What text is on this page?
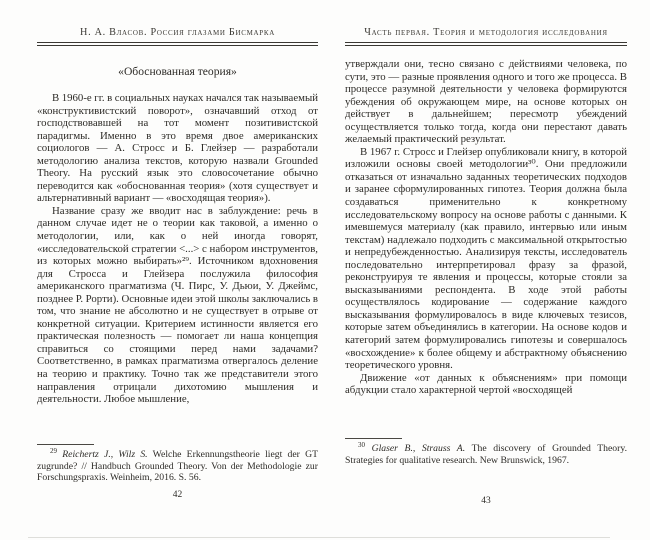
Н. А. Власов. Россия глазами Бисмарка
«Обоснованная теория»

В 1960-е гг. в социальных науках начался так называемый «конструктивистский поворот», означавший отход от господствовавшей на тот момент позитивистской парадигмы. Именно в это время двое американских социологов — А. Стросс и Б. Глейзер — разработали методологию анализа текстов, которую назвали Grounded Theory. На русский язык это словосочетание обычно переводится как «обоснованная теория» (хотя существует и альтернативный вариант — «восходящая теория»).

Название сразу же вводит нас в заблуждение: речь в данном случае идет не о теории как таковой, а именно о методологии, или, как о ней иногда говорят, «исследовательской стратегии <...> с набором инструментов, из которых можно выбирать»²⁹. Источником вдохновения для Стросса и Глейзера послужила философия американского прагматизма (Ч. Пирс, У. Дьюи, У. Джеймс, позднее Р. Рорти). Основные идеи этой школы заключались в том, что знание не абсолютно и не существует в отрыве от конкретной ситуации. Критерием истинности является его практическая полезность — помогает ли наша концепция справиться со стоящими перед нами задачами? Соответственно, в рамках прагматизма отвергалось деление на теорию и практику. Точно так же представители этого направления отрицали дихотомию мышления и деятельности. Любое мышление,

$^{29}$ Reichertz J., Wilz S. Welche Erkennungstheorie liegt der GT zugrunde? // Handbuch Grounded Theory. Von der Methodologie zur Forschungspraxis. Weinheim, 2016. S. 56.

42
Часть первая. Теория и методология исследования

утверждали они, тесно связано с действиями человека, по сути, это — разные проявления одного и того же процесса. В процессе разумной деятельности у человека формируются убеждения об окружающем мире, на основе которых он действует в дальнейшем; пересмотр убеждений осуществляется только тогда, когда они перестают давать желаемый практический результат.

В 1967 г. Стросс и Глейзер опубликовали книгу, в которой изложили основы своей методологии³⁰. Они предложили отказаться от изначально заданных теоретических подходов и заранее сформулированных гипотез. Теория должна была создаваться применительно к конкретному исследовательскому вопросу на основе работы с данными. К имевшемуся материалу (как правило, интервью или иным текстам) надлежало подходить с максимальной открытостью и непредубежденностью. Анализируя тексты, исследователь последовательно интерпретировал фразу за фразой, реконструируя те явления и процессы, которые стояли за высказываниями респондента. В ходе этой работы осуществлялось кодирование — содержание каждого высказывания формулировалось в виде ключевых тезисов, которые затем объединялись в категории. На основе кодов и категорий затем формулировались гипотезы и совершалось «восхождение» к более общему и абстрактному объяснению теоретического уровня.

Движение «от данных к объяснениям» при помощи абдукции стало характерной чертой «восходящей

$^{30}$ Glaser B., Strauss A. The discovery of Grounded Theory. Strategies for qualitative research. New Brunswick, 1967.

43
